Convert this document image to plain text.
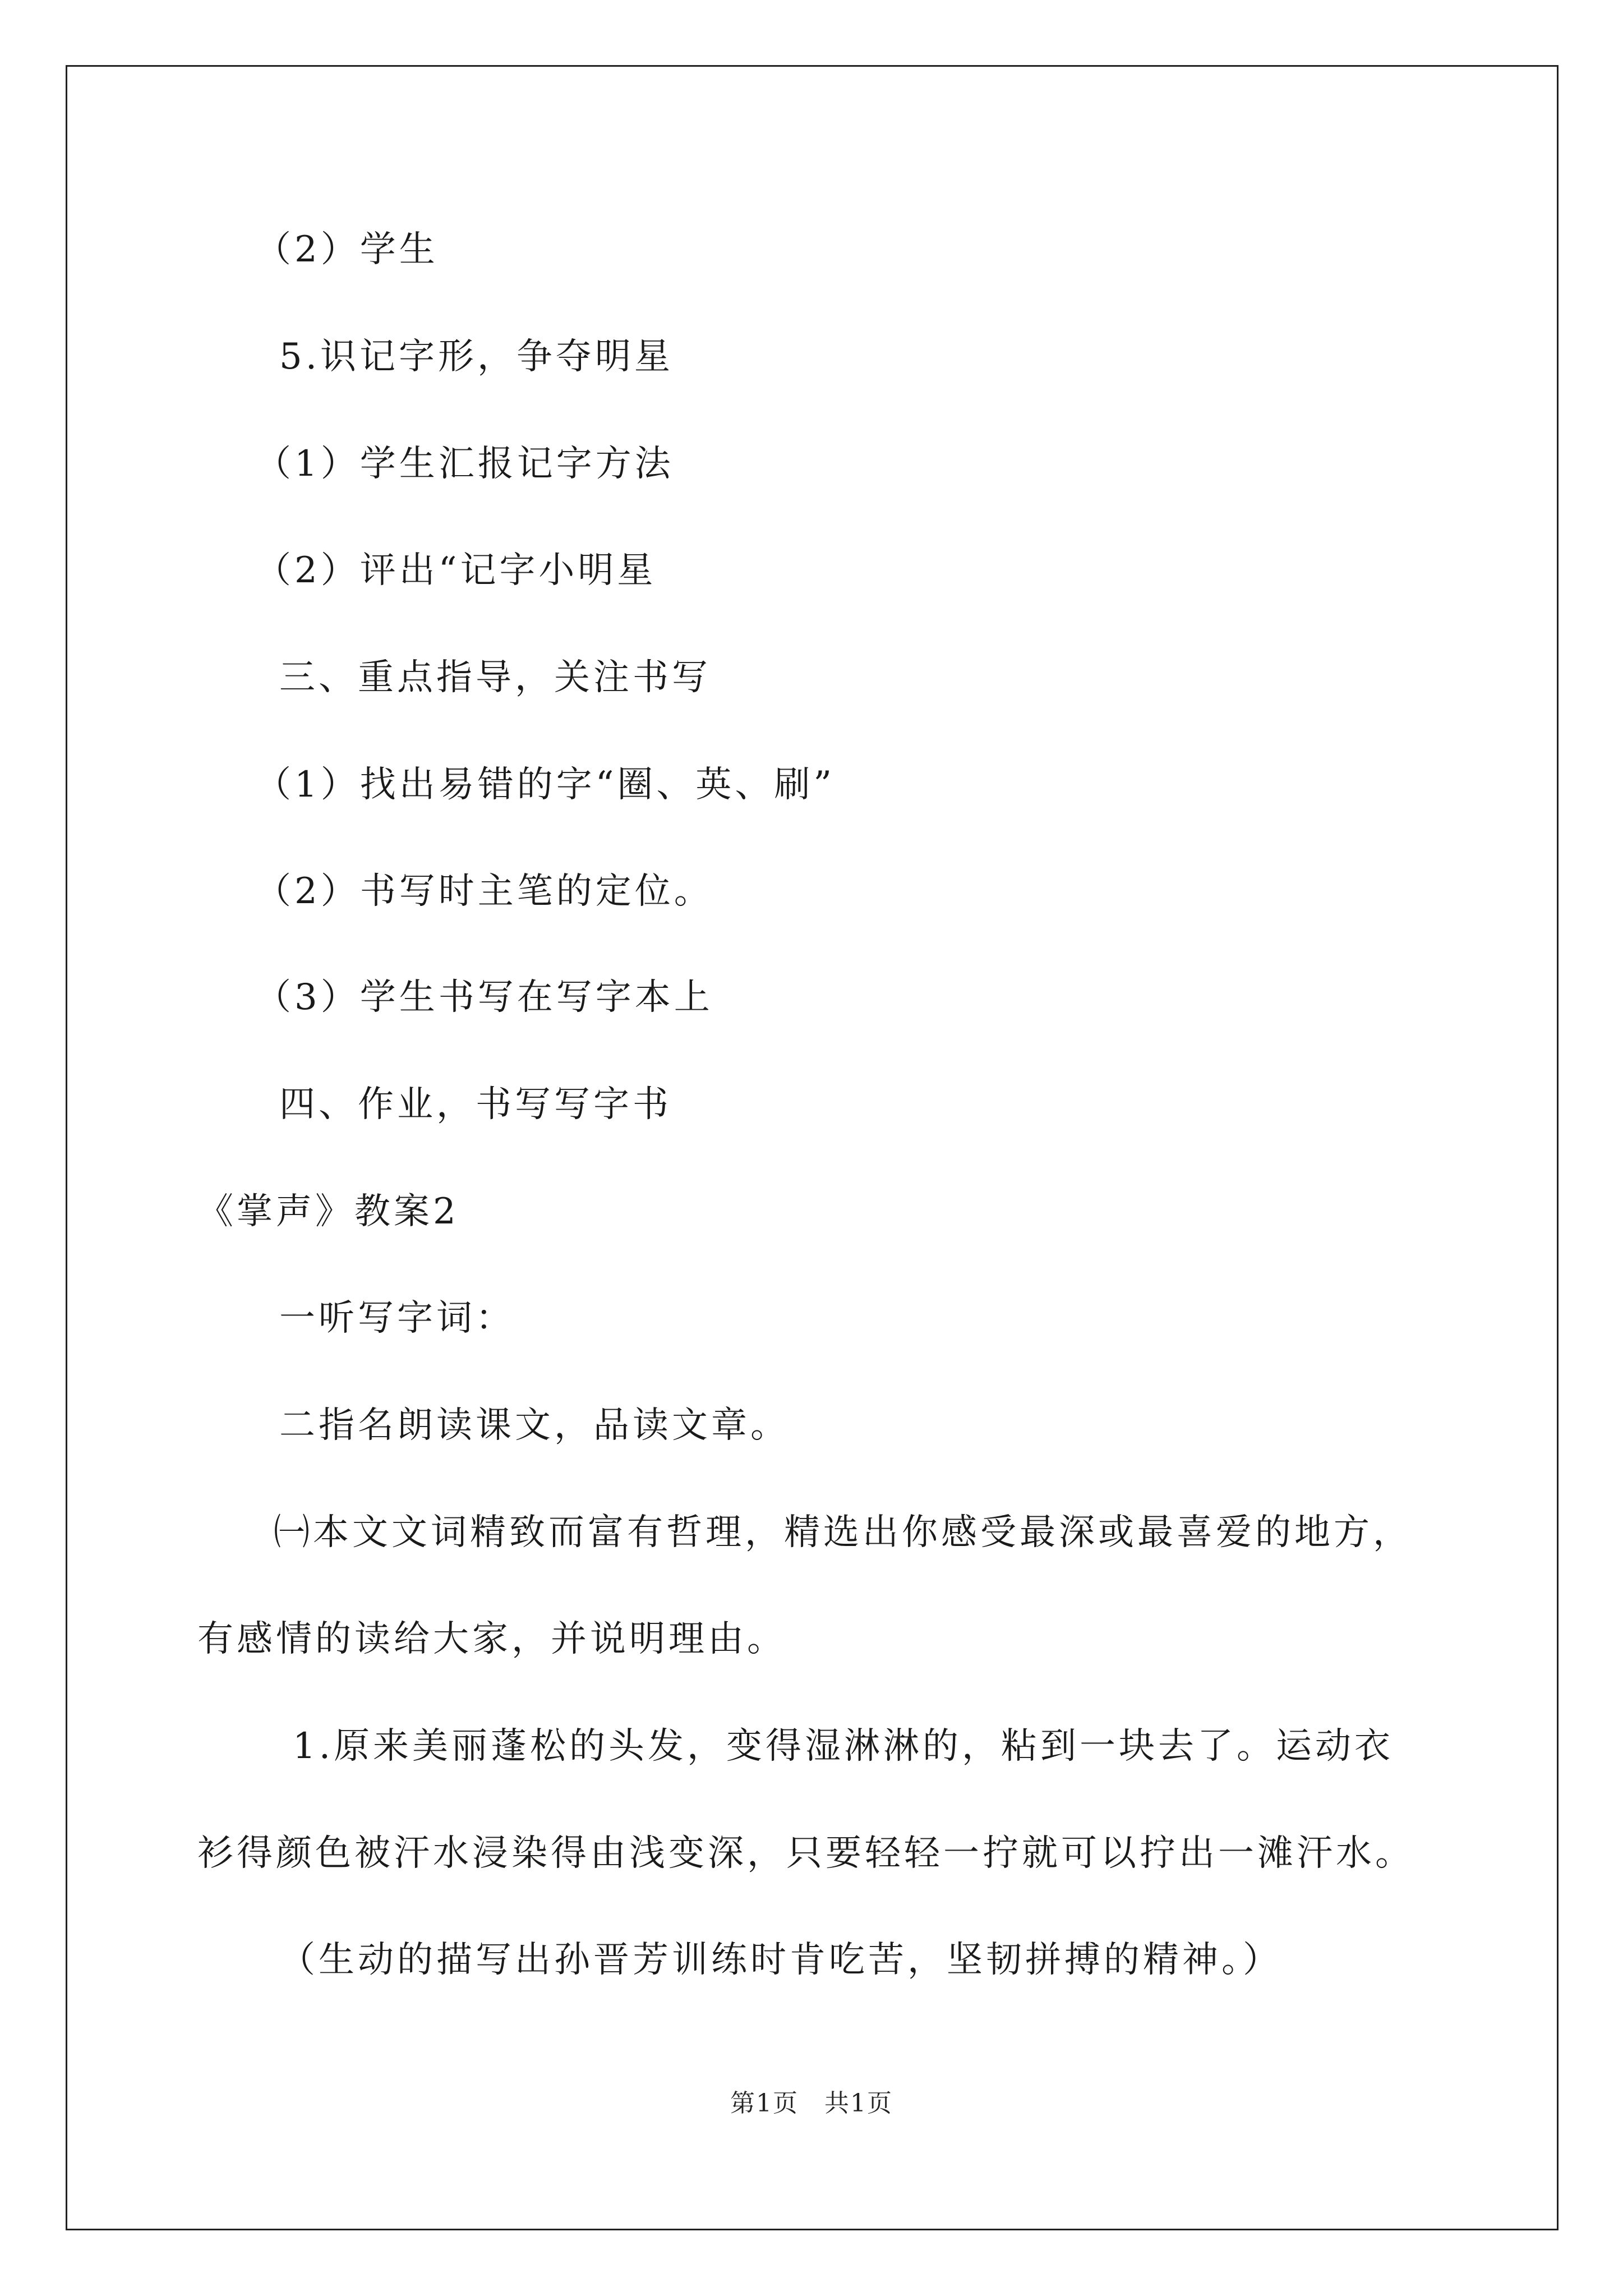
（2）学生
5.识记字形，争夺明星
（1）学生汇报记字方法
（2）评出“记字小明星
三、重点指导，关注书写
（1）找出易错的字“圈、英、刷”
（2）书写时主笔的定位。
（3）学生书写在写字本上
四、作业，书写写字书
《掌声》教案2
一听写字词：
二指名朗读课文，品读文章。
㈠本文文词精致而富有哲理，精选出你感受最深或最喜爱的地方，
有感情的读给大家，并说明理由。
1.原来美丽蓬松的头发，变得湿淋淋的，粘到一块去了。运动衣
衫得颜色被汗水浸染得由浅变深，只要轻轻一拧就可以拧出一滩汗水。
（生动的描写出孙晋芳训练时肯吃苦，坚韧拼搏的精神。）
第1页　共1页
